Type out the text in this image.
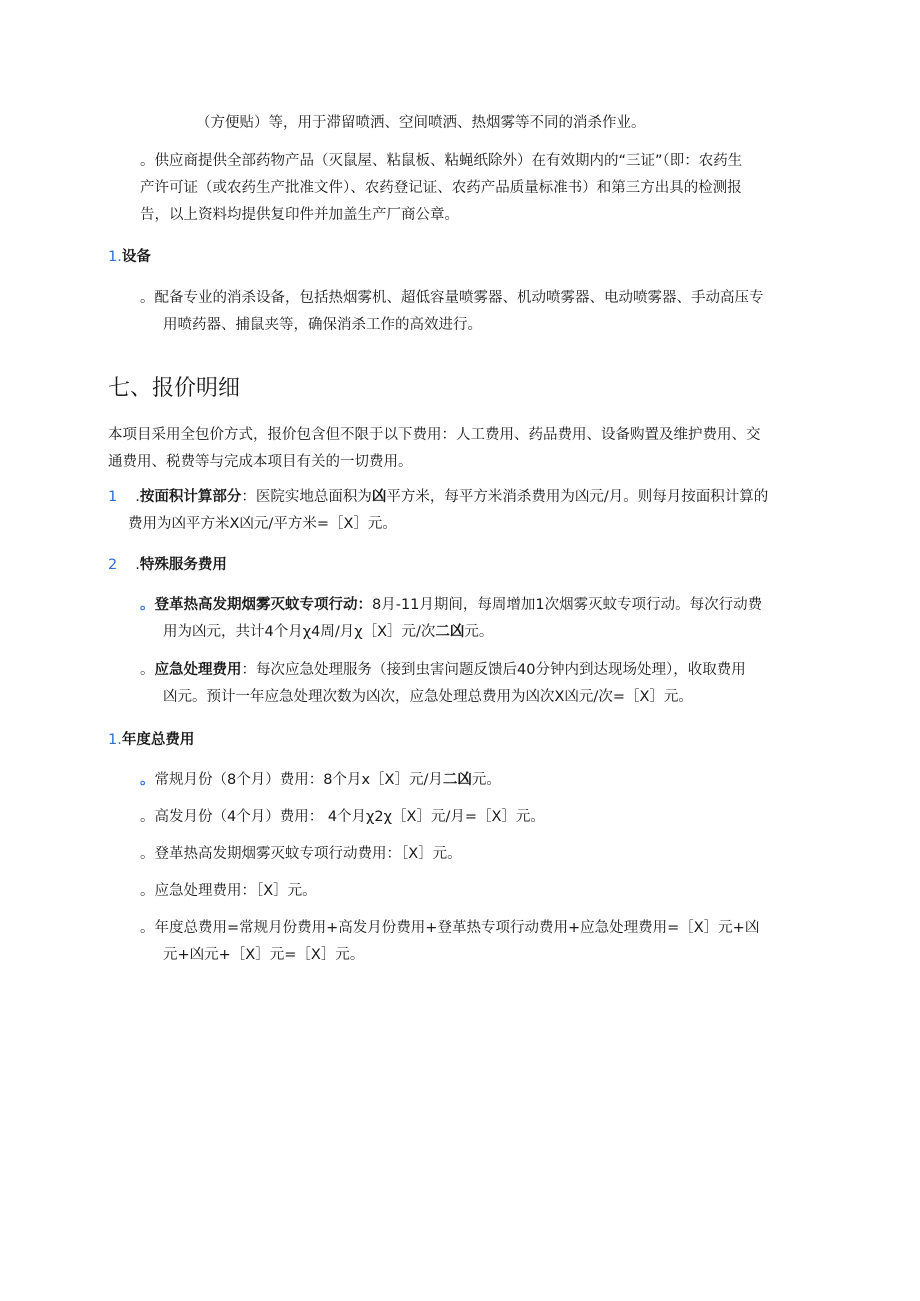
（方便贴）等，用于滞留喷洒、空间喷洒、热烟雾等不同的消杀作业。
。供应商提供全部药物产品（灭鼠屋、粘鼠板、粘蝇纸除外）在有效期内的“三证”（即：农药生
产许可证（或农药生产批准文件）、农药登记证、农药产品质量标准书）和第三方出具的检测报
告，以上资料均提供复印件并加盖生产厂商公章。
1.设备
。配备专业的消杀设备，包括热烟雾机、超低容量喷雾器、机动喷雾器、电动喷雾器、手动高压专
用喷药器、捕鼠夹等，确保消杀工作的高效进行。
七、报价明细
本项目采用全包价方式，报价包含但不限于以下费用：人工费用、药品费用、设备购置及维护费用、交
通费用、税费等与完成本项目有关的一切费用。
1 .按面积计算部分：医院实地总面积为凶平方米，每平方米消杀费用为凶元/月。则每月按面积计算的
费用为凶平方米X凶元/平方米=［X］元。
2 .特殊服务费用
。登革热高发期烟雾灭蚊专项行动：8月-11月期间，每周增加1次烟雾灭蚊专项行动。每次行动费
用为凶元，共计4个月χ4周/月χ［X］元/次二凶元。
。应急处理费用：每次应急处理服务（接到虫害问题反馈后40分钟内到达现场处理），收取费用
凶元。预计一年应急处理次数为凶次，应急处理总费用为凶次X凶元/次=［X］元。
1.年度总费用
。常规月份（8个月）费用：8个月x［X］元/月二凶元。
。高发月份（4个月）费用： 4个月χ2χ［X］元/月=［X］元。
。登革热高发期烟雾灭蚊专项行动费用：［X］元。
。应急处理费用：［X］元。
。年度总费用=常规月份费用+高发月份费用+登革热专项行动费用+应急处理费用=［X］元+凶
元+凶元+［X］元=［X］元。
